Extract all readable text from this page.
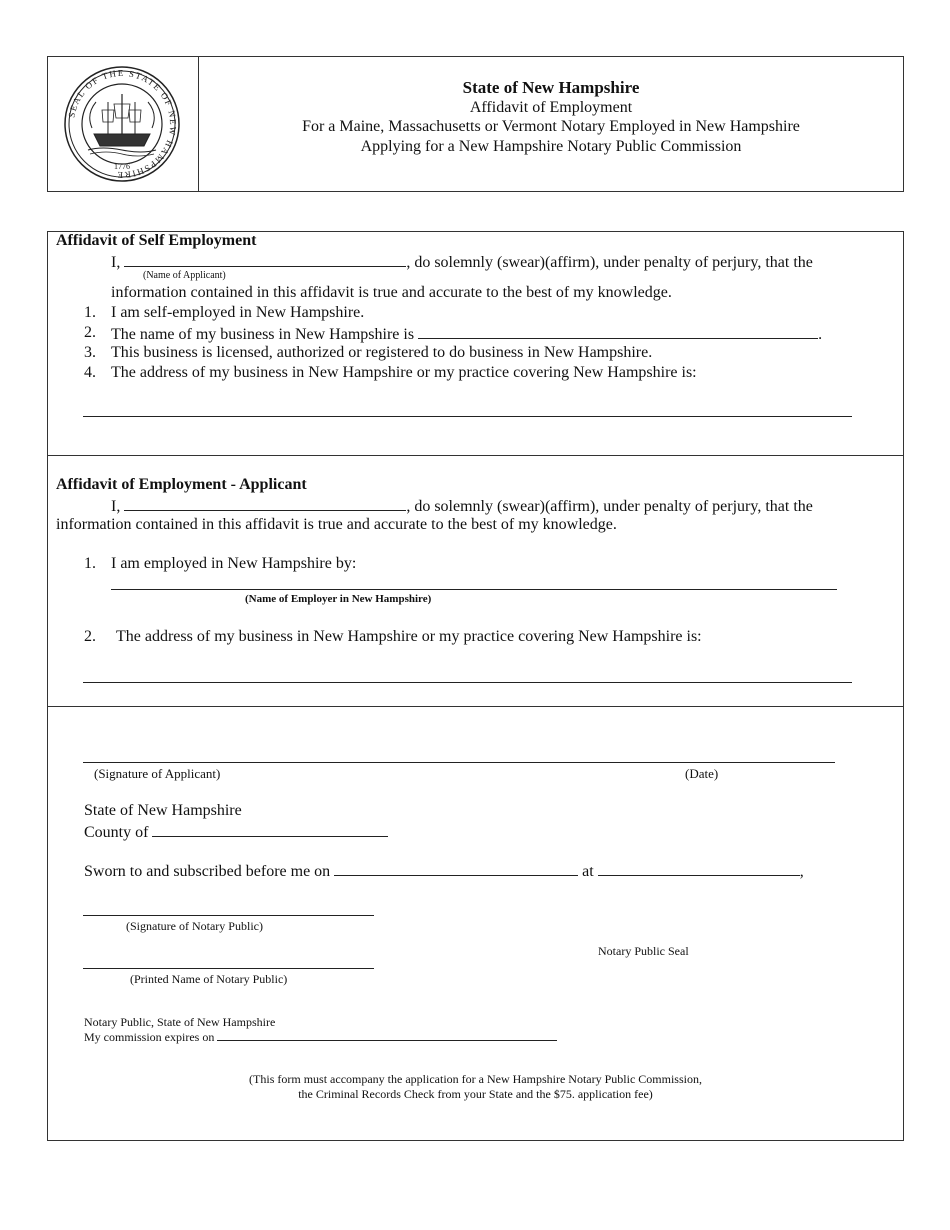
SEAL OF THE STATE OF NEW HAMPSHIRE
1776
State of New Hampshire
Affidavit of Employment
For a Maine, Massachusetts or Vermont Notary Employed in New Hampshire
Applying for a New Hampshire Notary Public Commission
Affidavit of Self Employment
I,	, do solemnly (swear)(affirm), under penalty of perjury, that the
(Name of Applicant)
information contained in this affidavit is true and accurate to the best of my knowledge.
1. I am self-employed in New Hampshire.
2. The name of my business in New Hampshire is	.
3. This business is licensed, authorized or registered to do business in New Hampshire.
4. The address of my business in New Hampshire or my practice covering New Hampshire is:
Affidavit of Employment - Applicant
I,	, do solemnly (swear)(affirm), under penalty of perjury, that the
information contained in this affidavit is true and accurate to the best of my knowledge.
1. I am employed in New Hampshire by:
(Name of Employer in New Hampshire)
2. The address of my business in New Hampshire or my practice covering New Hampshire is:
(Signature of Applicant)	(Date)
State of New Hampshire
County of
Sworn to and subscribed before me on	at	,
(Signature of Notary Public)
Notary Public Seal
(Printed Name of Notary Public)
Notary Public, State of New Hampshire
My commission expires on
(This form must accompany the application for a New Hampshire Notary Public Commission,
the Criminal Records Check from your State and the $75. application fee)
